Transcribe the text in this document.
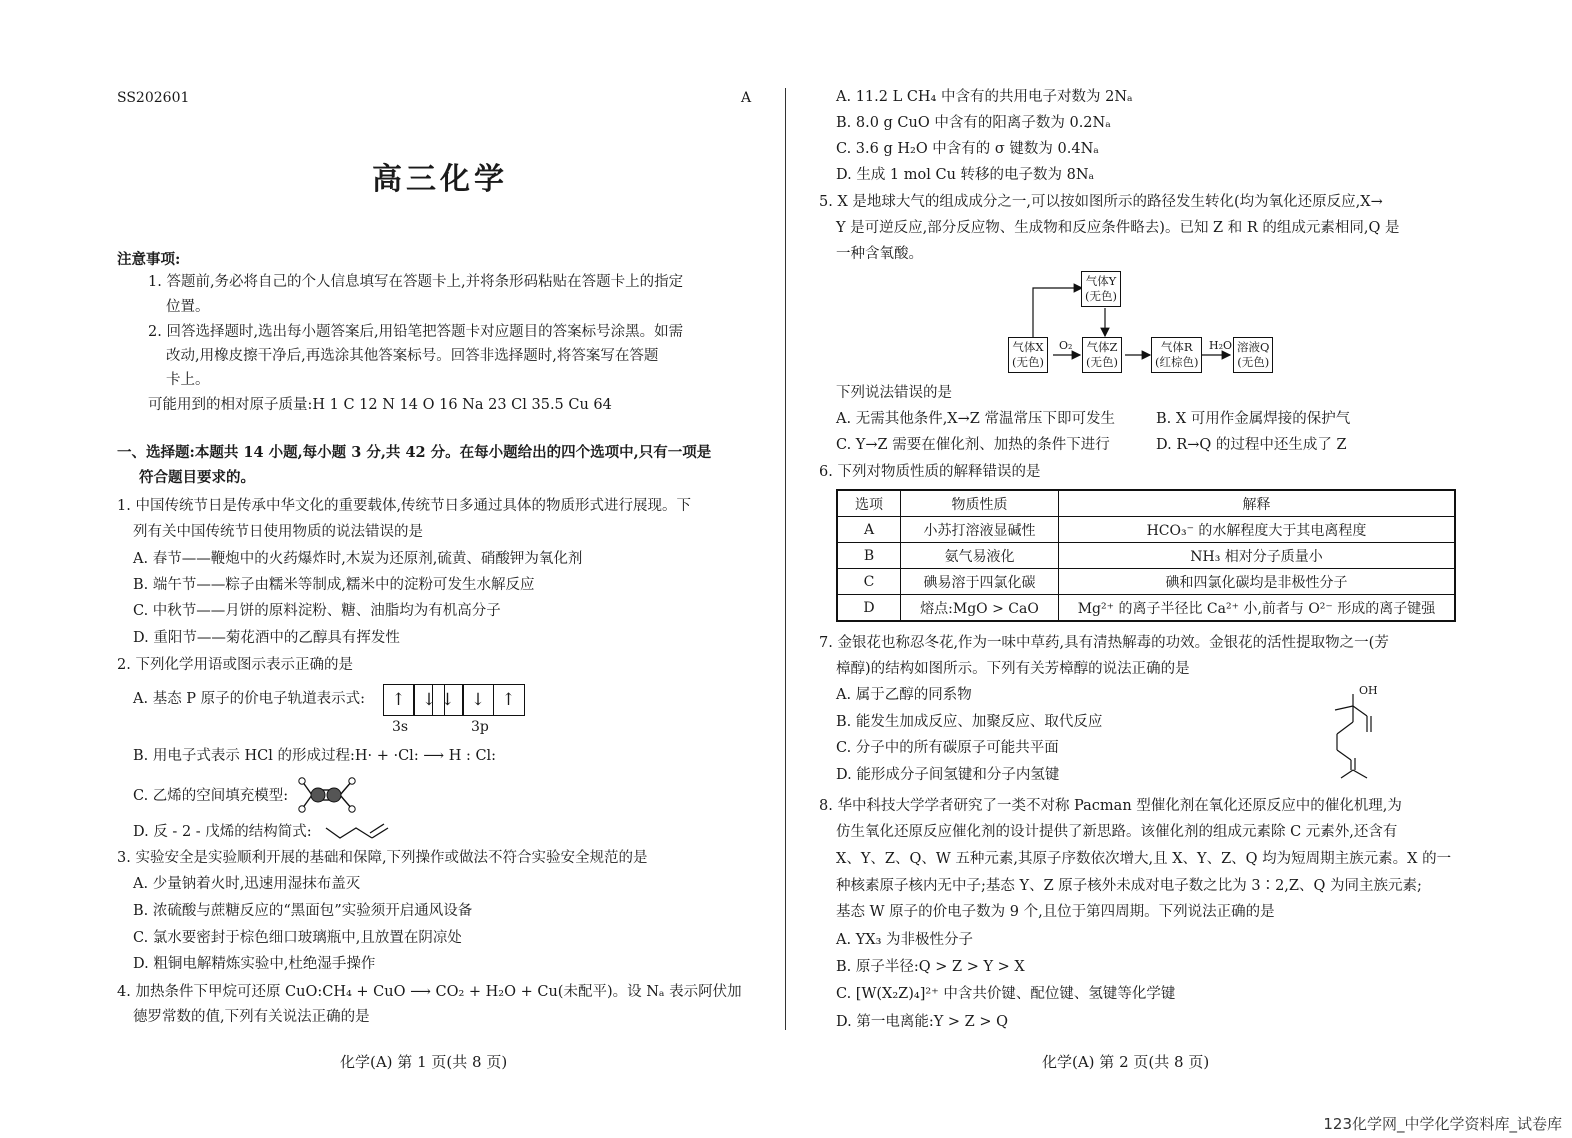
SS202601	A
高三化学
注意事项:
1. 答题前,务必将自己的个人信息填写在答题卡上,并将条形码粘贴在答题卡上的指定
位置。
2. 回答选择题时,选出每小题答案后,用铅笔把答题卡对应题目的答案标号涂黑。如需
改动,用橡皮擦干净后,再选涂其他答案标号。回答非选择题时,将答案写在答题
卡上。
可能用到的相对原子质量:H 1 C 12 N 14 O 16 Na 23 Cl 35.5 Cu 64
一、选择题:本题共 14 小题,每小题 3 分,共 42 分。在每小题给出的四个选项中,只有一项是
符合题目要求的。
1. 中国传统节日是传承中华文化的重要载体,传统节日多通过具体的物质形式进行展现。下
列有关中国传统节日使用物质的说法错误的是
A. 春节——鞭炮中的火药爆炸时,木炭为还原剂,硫黄、硝酸钾为氧化剂
B. 端午节——粽子由糯米等制成,糯米中的淀粉可发生水解反应
C. 中秋节——月饼的原料淀粉、糖、油脂均为有机高分子
D. 重阳节——菊花酒中的乙醇具有挥发性
2. 下列化学用语或图示表示正确的是
A. 基态 P 原子的价电子轨道表示式:	↑ ↓ ↓ ↓ ↑
3s	3p
B. 用电子式表示 HCl 的形成过程:H· + ·Cl: ⟶ H : Cl:
C. 乙烯的空间填充模型:
D. 反 - 2 - 戊烯的结构简式:
3. 实验安全是实验顺利开展的基础和保障,下列操作或做法不符合实验安全规范的是
A. 少量钠着火时,迅速用湿抹布盖灭
B. 浓硫酸与蔗糖反应的“黑面包”实验须开启通风设备
C. 氯水要密封于棕色细口玻璃瓶中,且放置在阴凉处
D. 粗铜电解精炼实验中,杜绝湿手操作
4. 加热条件下甲烷可还原 CuO:CH₄ + CuO ⟶ CO₂ + H₂O + Cu(未配平)。设 Nₐ 表示阿伏加
德罗常数的值,下列有关说法正确的是
化学(A) 第 1 页(共 8 页)
A. 11.2 L CH₄ 中含有的共用电子对数为 2Nₐ
B. 8.0 g CuO 中含有的阳离子数为 0.2Nₐ
C. 3.6 g H₂O 中含有的 σ 键数为 0.4Nₐ
D. 生成 1 mol Cu 转移的电子数为 8Nₐ
5. X 是地球大气的组成成分之一,可以按如图所示的路径发生转化(均为氧化还原反应,X→
Y 是可逆反应,部分反应物、生成物和反应条件略去)。已知 Z 和 R 的组成元素相同,Q 是
一种含氧酸。
气体Y
(无色)
气体X
(无色)
气体Z
(无色)
气体R
(红棕色)
溶液Q
(无色)
O₂	H₂O
下列说法错误的是
A. 无需其他条件,X→Z 常温常压下即可发生	B. X 可用作金属焊接的保护气
C. Y→Z 需要在催化剂、加热的条件下进行	D. R→Q 的过程中还生成了 Z
6. 下列对物质性质的解释错误的是
选项	物质性质	解释
A	小苏打溶液显碱性	HCO₃⁻ 的水解程度大于其电离程度
B	氨气易液化	NH₃ 相对分子质量小
C	碘易溶于四氯化碳	碘和四氯化碳均是非极性分子
D	熔点:MgO > CaO	Mg²⁺ 的离子半径比 Ca²⁺ 小,前者与 O²⁻ 形成的离子键强
7. 金银花也称忍冬花,作为一味中草药,具有清热解毒的功效。金银花的活性提取物之一(芳
樟醇)的结构如图所示。下列有关芳樟醇的说法正确的是
A. 属于乙醇的同系物
B. 能发生加成反应、加聚反应、取代反应
C. 分子中的所有碳原子可能共平面
D. 能形成分子间氢键和分子内氢键
OH
8. 华中科技大学学者研究了一类不对称 Pacman 型催化剂在氧化还原反应中的催化机理,为
仿生氧化还原反应催化剂的设计提供了新思路。该催化剂的组成元素除 C 元素外,还含有
X、Y、Z、Q、W 五种元素,其原子序数依次增大,且 X、Y、Z、Q 均为短周期主族元素。X 的一
种核素原子核内无中子;基态 Y、Z 原子核外未成对电子数之比为 3∶2,Z、Q 为同主族元素;
基态 W 原子的价电子数为 9 个,且位于第四周期。下列说法正确的是
A. YX₃ 为非极性分子
B. 原子半径:Q > Z > Y > X
C. [W(X₂Z)₄]²⁺ 中含共价键、配位键、氢键等化学键
D. 第一电离能:Y > Z > Q
化学(A) 第 2 页(共 8 页)
123化学网_中学化学资料库_试卷库
